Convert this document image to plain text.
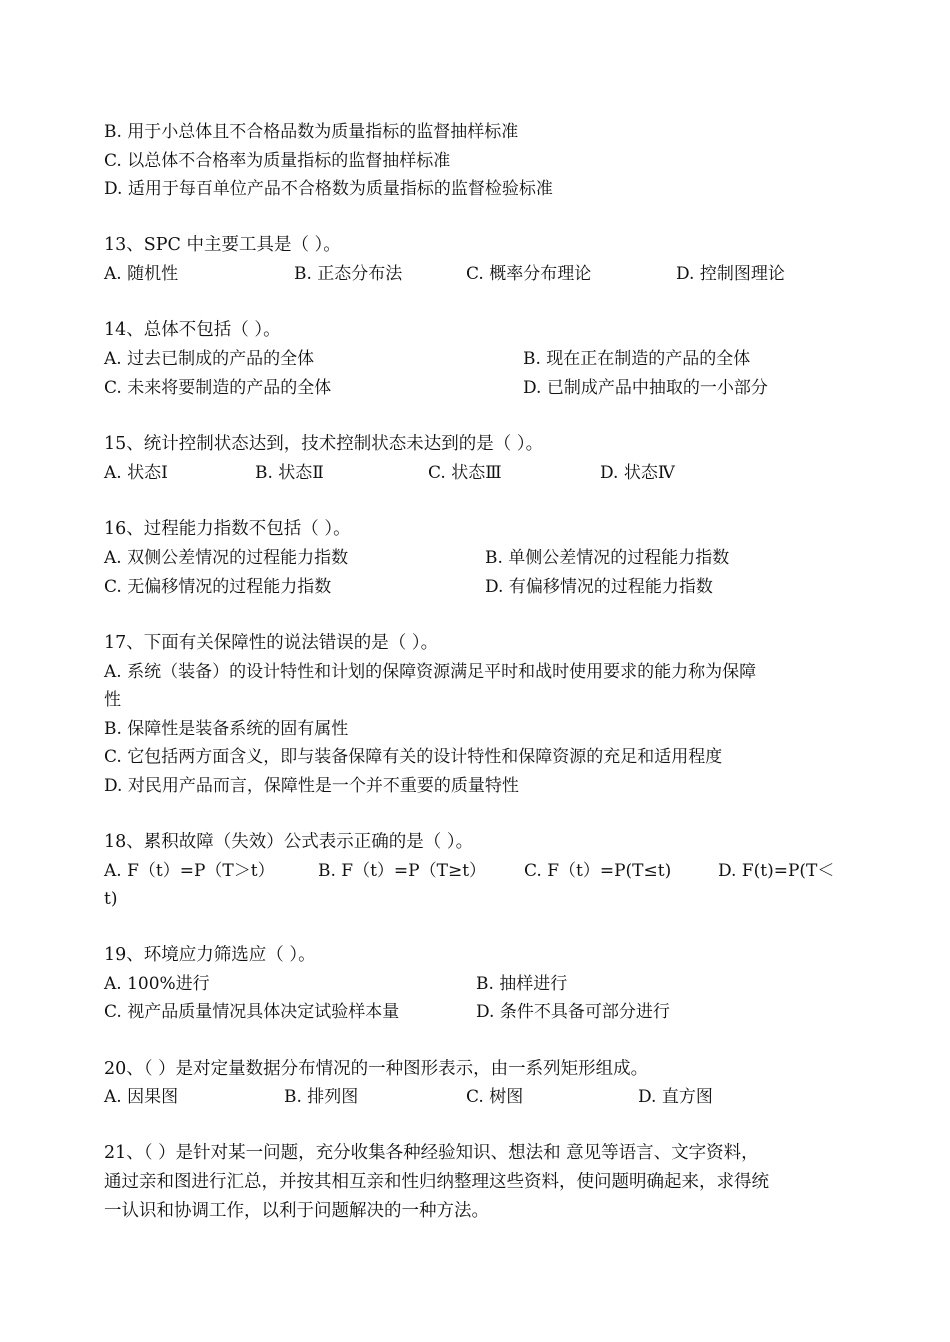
B. 用于小总体且不合格品数为质量指标的监督抽样标准
C. 以总体不合格率为质量指标的监督抽样标准
D. 适用于每百单位产品不合格数为质量指标的监督检验标准
13、SPC 中主要工具是（ ）。
A. 随机性	B. 正态分布法	C. 概率分布理论	D. 控制图理论
14、总体不包括（ ）。
A. 过去已制成的产品的全体	B. 现在正在制造的产品的全体
C. 未来将要制造的产品的全体	D. 已制成产品中抽取的一小部分
15、统计控制状态达到，技术控制状态未达到的是（ ）。
A. 状态Ⅰ	B. 状态Ⅱ	C. 状态Ⅲ	D. 状态Ⅳ
16、过程能力指数不包括（ ）。
A. 双侧公差情况的过程能力指数	B. 单侧公差情况的过程能力指数
C. 无偏移情况的过程能力指数	D. 有偏移情况的过程能力指数
17、下面有关保障性的说法错误的是（ ）。
A. 系统（装备）的设计特性和计划的保障资源满足平时和战时使用要求的能力称为保障
性
B. 保障性是装备系统的固有属性
C. 它包括两方面含义，即与装备保障有关的设计特性和保障资源的充足和适用程度
D. 对民用产品而言，保障性是一个并不重要的质量特性
18、累积故障（失效）公式表示正确的是（ ）。
A. F（t）=P（T＞t）	B. F（t）=P（T≥t） C. F（t）=P(T≤t)	D. F(t)=P(T＜
t)
19、环境应力筛选应（ ）。
A. 100%进行	B. 抽样进行
C. 视产品质量情况具体决定试验样本量	D. 条件不具备可部分进行
20、（ ）是对定量数据分布情况的一种图形表示，由一系列矩形组成。
A. 因果图	B. 排列图	C. 树图	D. 直方图
21、（ ）是针对某一问题，充分收集各种经验知识、想法和 意见等语言、文字资料，
通过亲和图进行汇总，并按其相互亲和性归纳整理这些资料，使问题明确起来，求得统
一认识和协调工作，以利于问题解决的一种方法。
